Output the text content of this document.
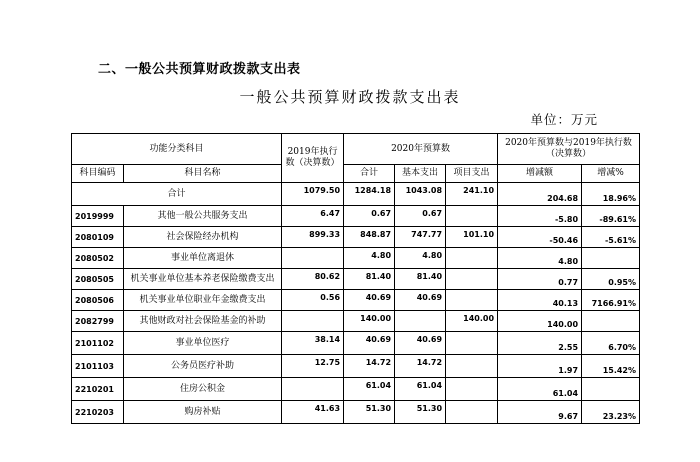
二、一般公共预算财政拨款支出表
一般公共预算财政拨款支出表
单位：万元
功能分类科目		2019年执行数（决算数）	2020年预算数			2020年预算数与2019年执行数（决算数）	
科目编码	科目名称		合计	基本支出	项目支出	增减额	增减%
合计		1079.50	1284.18	1043.08	241.10	204.68	18.96%
2019999	其他一般公共服务支出	6.47	0.67	0.67		-5.80	-89.61%
2080109	社会保险经办机构	899.33	848.87	747.77	101.10	-50.46	-5.61%
2080502	事业单位离退休		4.80	4.80		4.80	
2080505	机关事业单位基本养老保险缴费支出	80.62	81.40	81.40		0.77	0.95%
2080506	机关事业单位职业年金缴费支出	0.56	40.69	40.69		40.13	7166.91%
2082799	其他财政对社会保险基金的补助		140.00		140.00	140.00	
2101102	事业单位医疗	38.14	40.69	40.69		2.55	6.70%
2101103	公务员医疗补助	12.75	14.72	14.72		1.97	15.42%
2210201	住房公积金		61.04	61.04		61.04	
2210203	购房补贴	41.63	51.30	51.30		9.67	23.23%
